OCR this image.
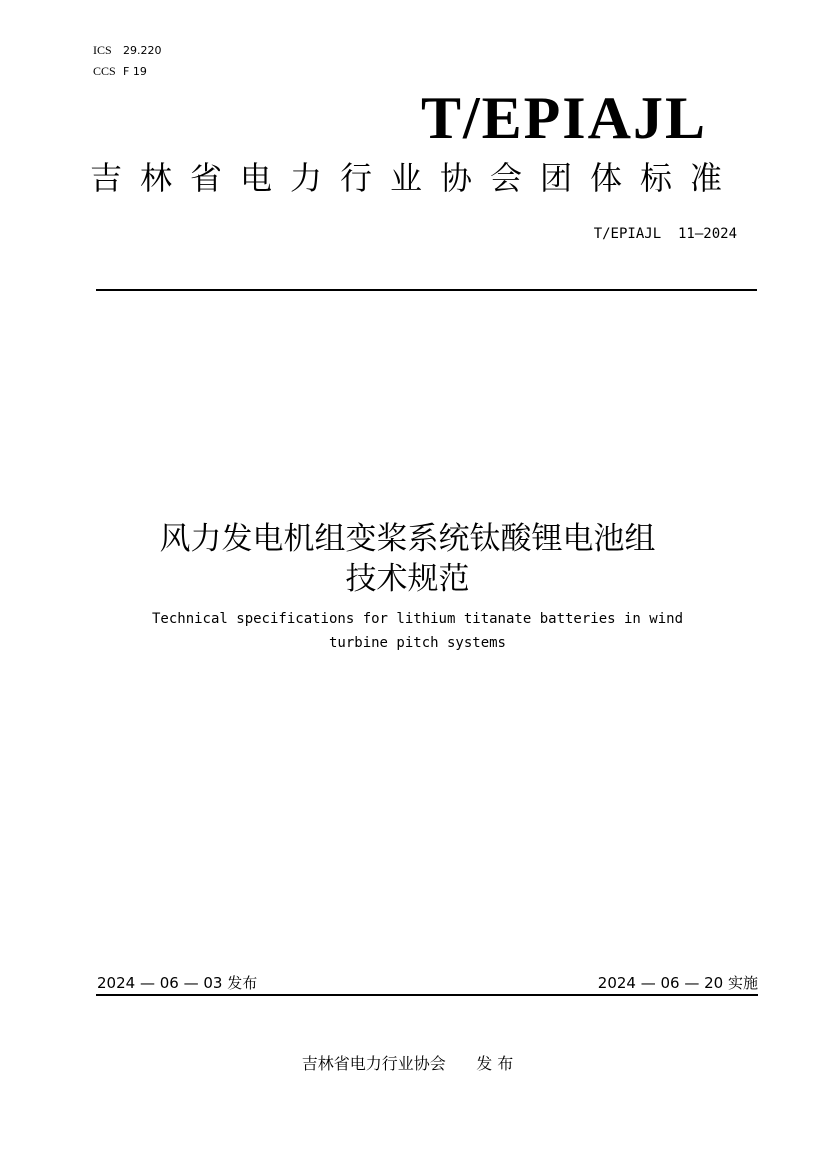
ICS 29.220
CCS F 19
T/EPIAJL
吉林省电力行业协会团体标准
T/EPIAJL  11—2024
风力发电机组变桨系统钛酸锂电池组
技术规范
Technical specifications for lithium titanate batteries in wind
turbine pitch systems
2024 — 06 — 03 发布	2024 — 06 — 20 实施
吉林省电力行业协会      发 布
